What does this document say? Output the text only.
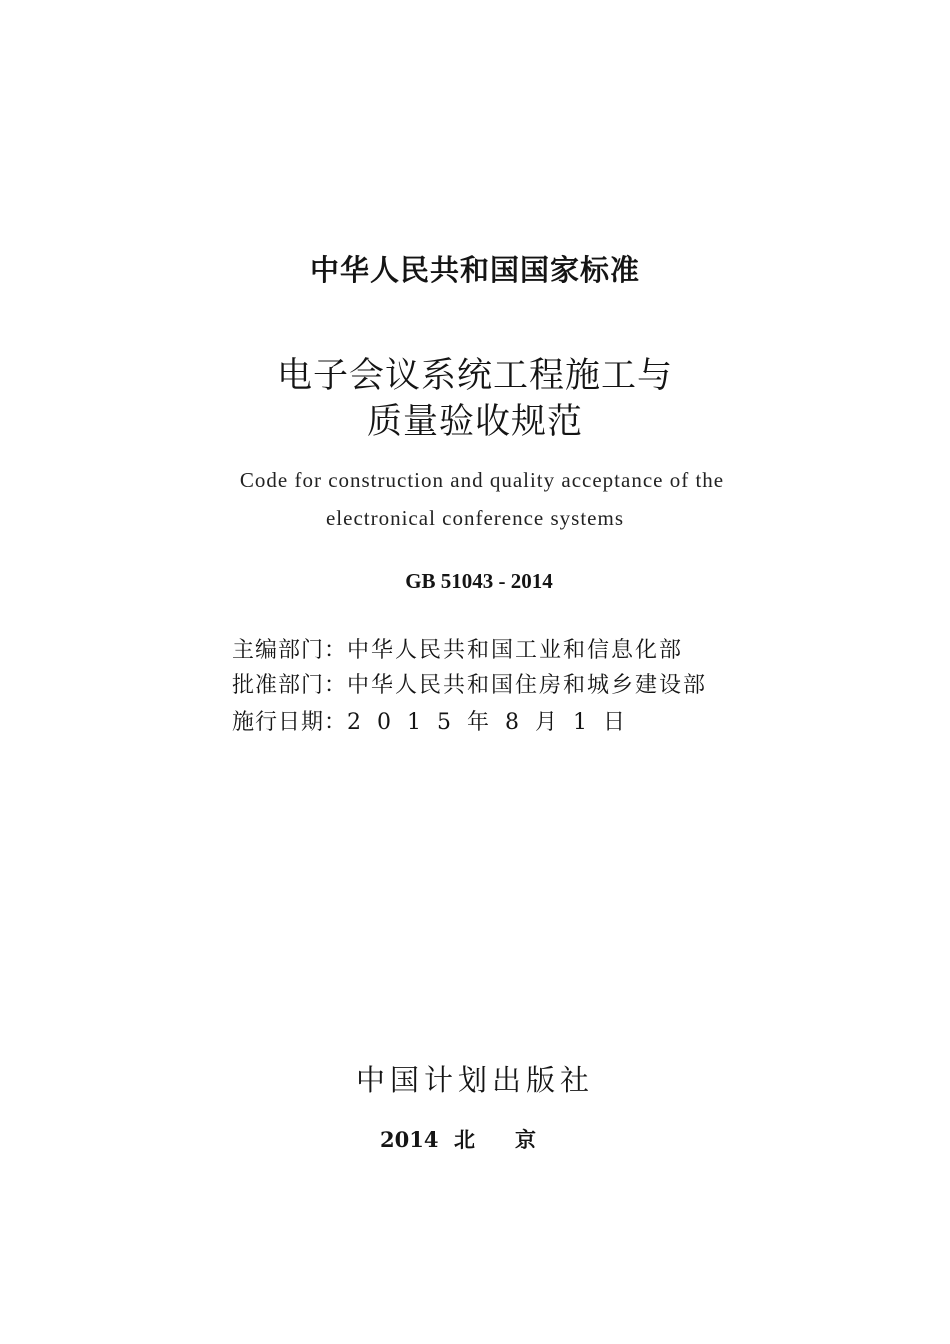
中华人民共和国国家标准
电子会议系统工程施工与
质量验收规范
Code for construction and quality acceptance of the
electronical conference systems
GB 51043 - 2014
主编部门：中华人民共和国工业和信息化部
批准部门：中华人民共和国住房和城乡建设部
施行日期：2015年8月1日
中国计划出版社
2014 北京
